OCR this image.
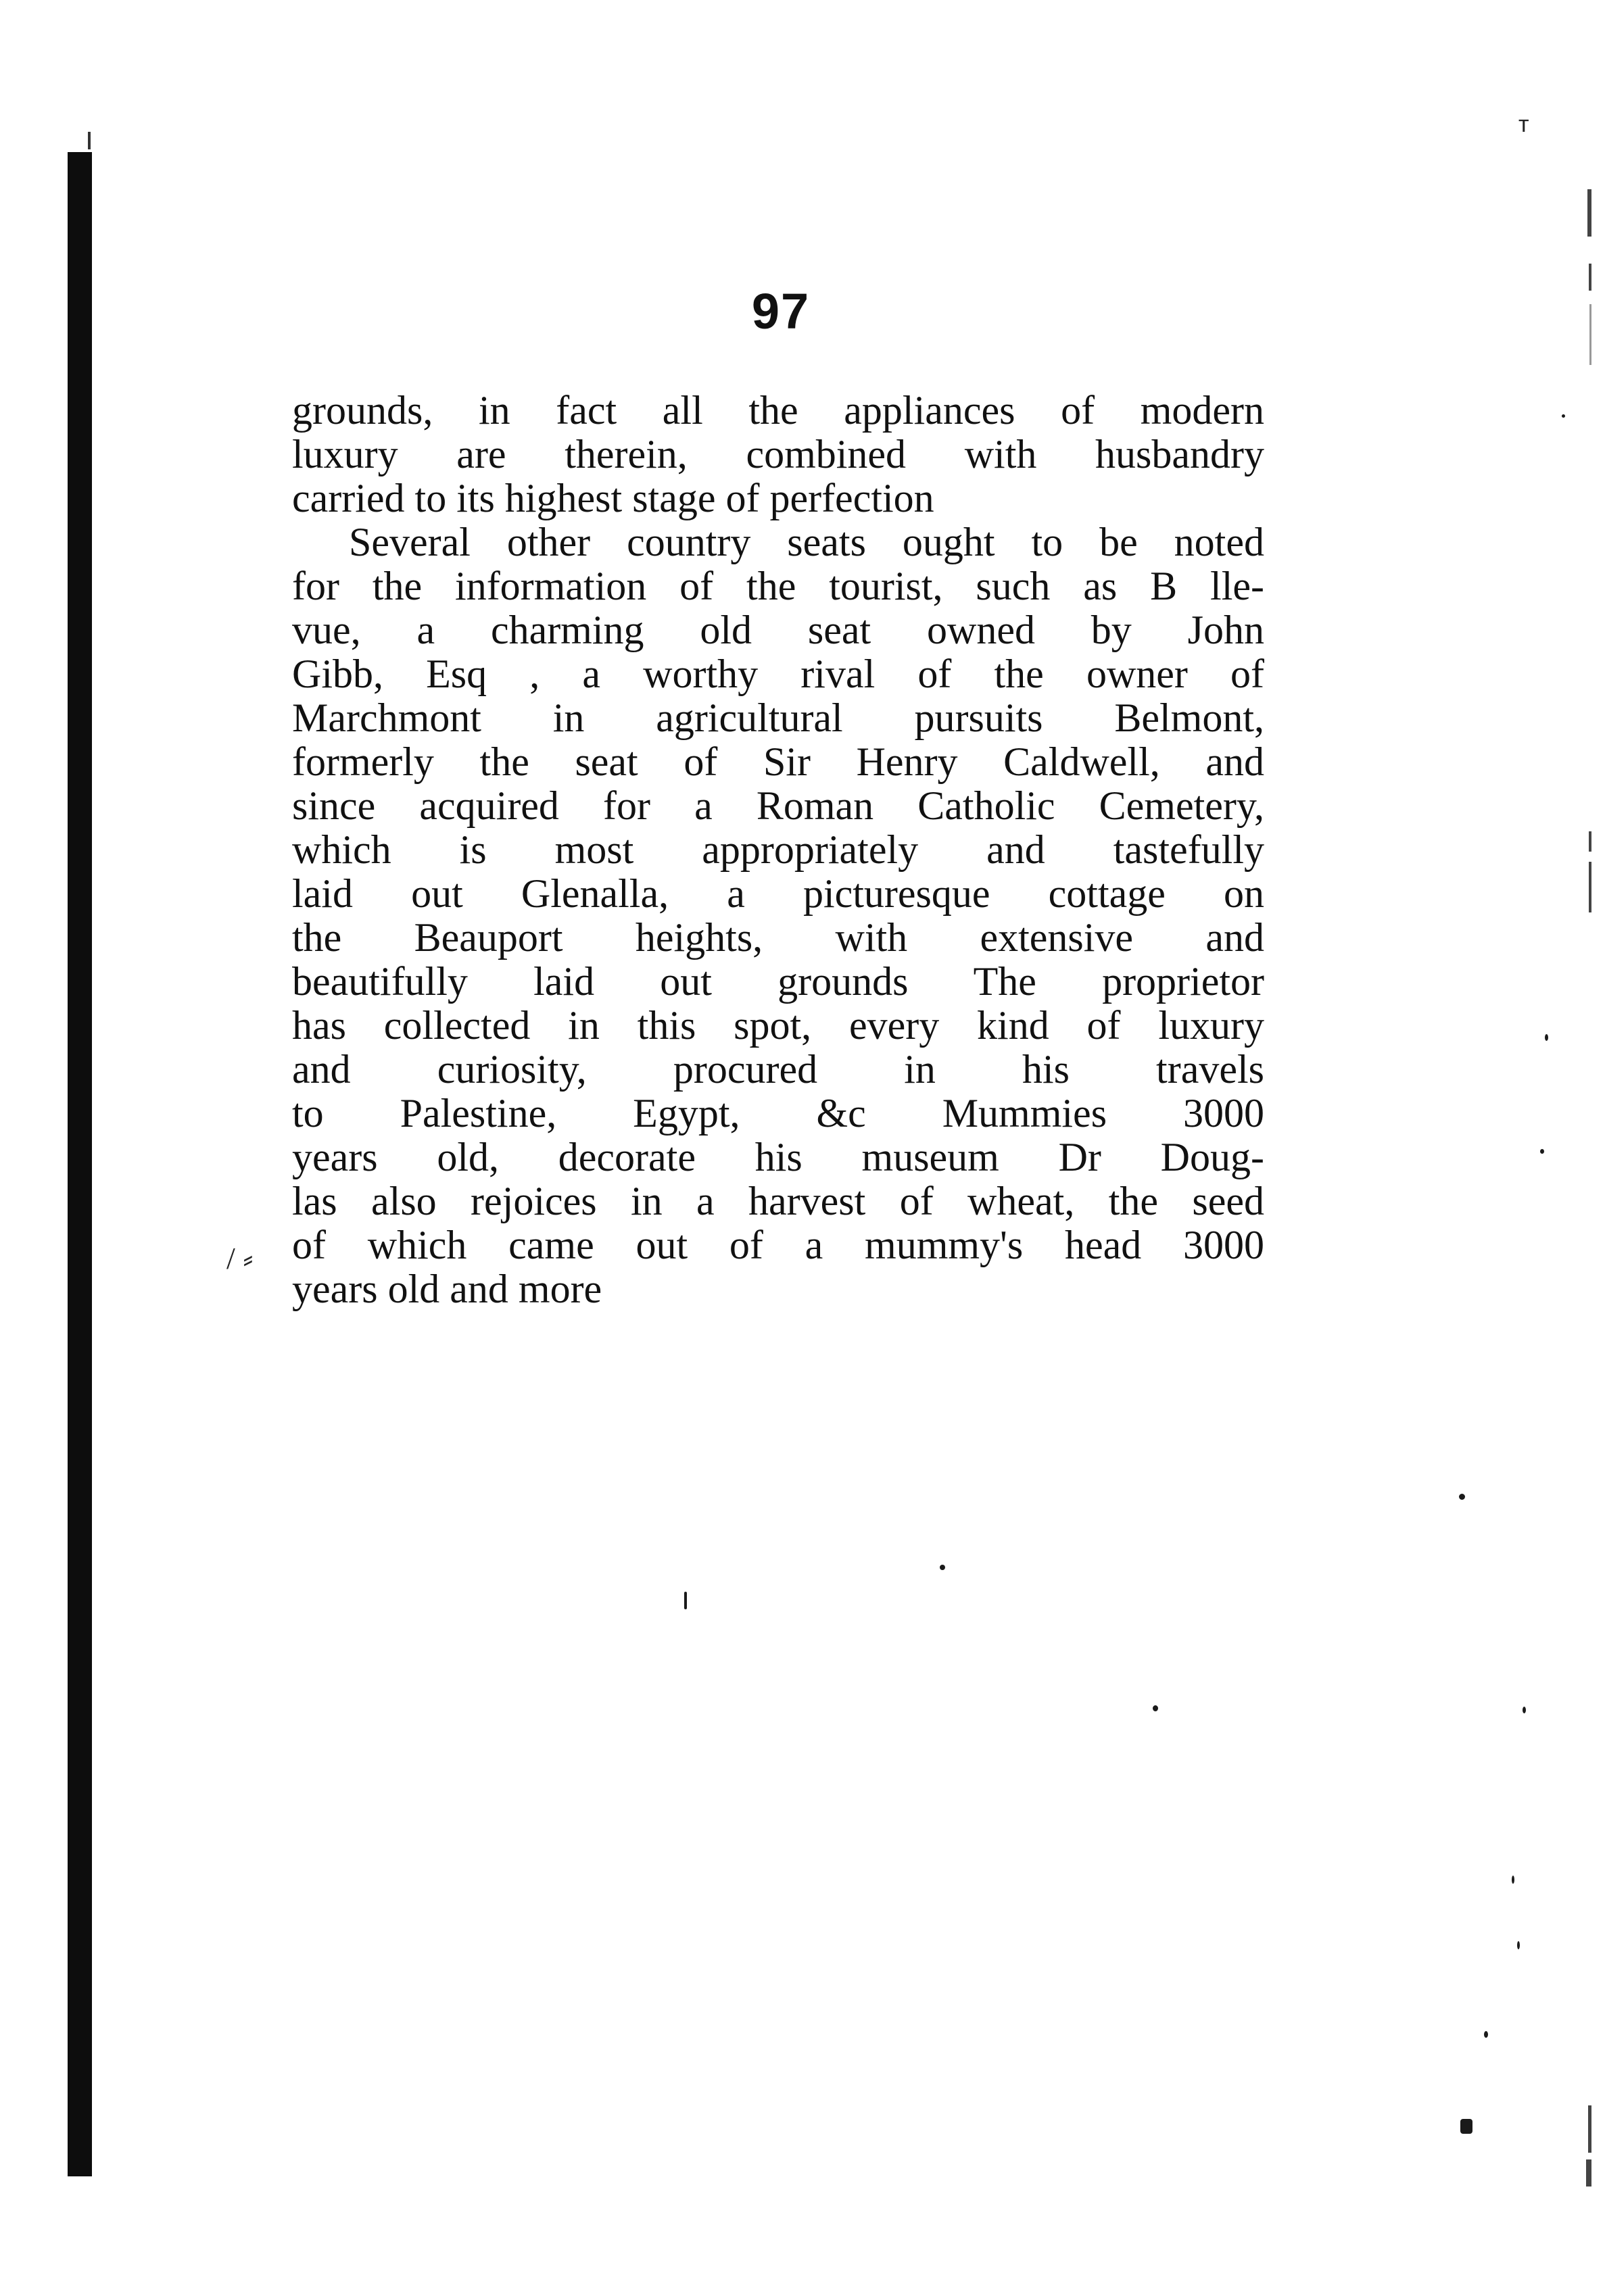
97
grounds, in fact all the appliances of modern
luxury are therein, combined with husbandry
carried to its highest stage of perfection
Several other country seats ought to be noted
for the information of the tourist, such as B lle-
vue, a charming old seat owned by John
Gibb, Esq , a worthy rival of the owner of
Marchmont in agricultural pursuits Belmont,
formerly the seat of Sir Henry Caldwell, and
since acquired for a Roman Catholic Cemetery,
which is most appropriately and tastefully
laid out Glenalla, a picturesque cottage on
the Beauport heights, with extensive and
beautifully laid out grounds The proprietor
has collected in this spot, every kind of luxury
and curiosity, procured in his travels
to Palestine, Egypt, &c Mummies 3000
years old, decorate his museum Dr Doug-
las also rejoices in a harvest of wheat, the seed
of which came out of a mummy's head 3000
years old and more
/ ⸗
ᴛ
